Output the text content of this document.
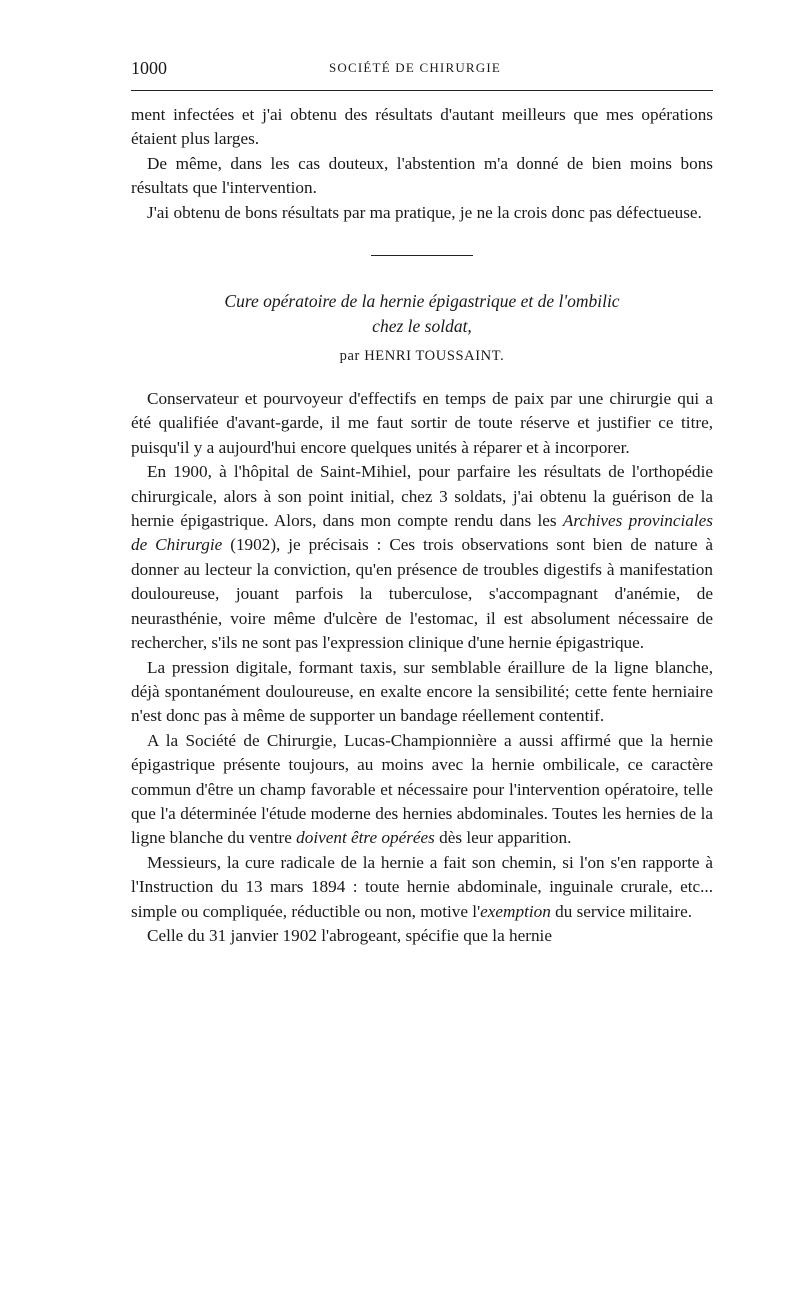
1000	SOCIÉTÉ DE CHIRURGIE

ment infectées et j'ai obtenu des résultats d'autant meilleurs que mes opérations étaient plus larges.

De même, dans les cas douteux, l'abstention m'a donné de bien moins bons résultats que l'intervention.

J'ai obtenu de bons résultats par ma pratique, je ne la crois donc pas défectueuse.

Cure opératoire de la hernie épigastrique et de l'ombilic
chez le soldat,
par HENRI TOUSSAINT.

Conservateur et pourvoyeur d'effectifs en temps de paix par une chirurgie qui a été qualifiée d'avant-garde, il me faut sortir de toute réserve et justifier ce titre, puisqu'il y a aujourd'hui encore quelques unités à réparer et à incorporer.

En 1900, à l'hôpital de Saint-Mihiel, pour parfaire les résultats de l'orthopédie chirurgicale, alors à son point initial, chez 3 soldats, j'ai obtenu la guérison de la hernie épigastrique. Alors, dans mon compte rendu dans les Archives provinciales de Chirurgie (1902), je précisais : Ces trois observations sont bien de nature à donner au lecteur la conviction, qu'en présence de troubles digestifs à manifestation douloureuse, jouant parfois la tuberculose, s'accompagnant d'anémie, de neurasthénie, voire même d'ulcère de l'estomac, il est absolument nécessaire de rechercher, s'ils ne sont pas l'expression clinique d'une hernie épigastrique.

La pression digitale, formant taxis, sur semblable éraillure de la ligne blanche, déjà spontanément douloureuse, en exalte encore la sensibilité; cette fente herniaire n'est donc pas à même de supporter un bandage réellement contentif.

A la Société de Chirurgie, Lucas-Championnière a aussi affirmé que la hernie épigastrique présente toujours, au moins avec la hernie ombilicale, ce caractère commun d'être un champ favorable et nécessaire pour l'intervention opératoire, telle que l'a déterminée l'étude moderne des hernies abdominales. Toutes les hernies de la ligne blanche du ventre doivent être opérées dès leur apparition.

Messieurs, la cure radicale de la hernie a fait son chemin, si l'on s'en rapporte à l'Instruction du 13 mars 1894 : toute hernie abdominale, inguinale crurale, etc... simple ou compliquée, réductible ou non, motive l'exemption du service militaire.

Celle du 31 janvier 1902 l'abrogeant, spécifie que la hernie
